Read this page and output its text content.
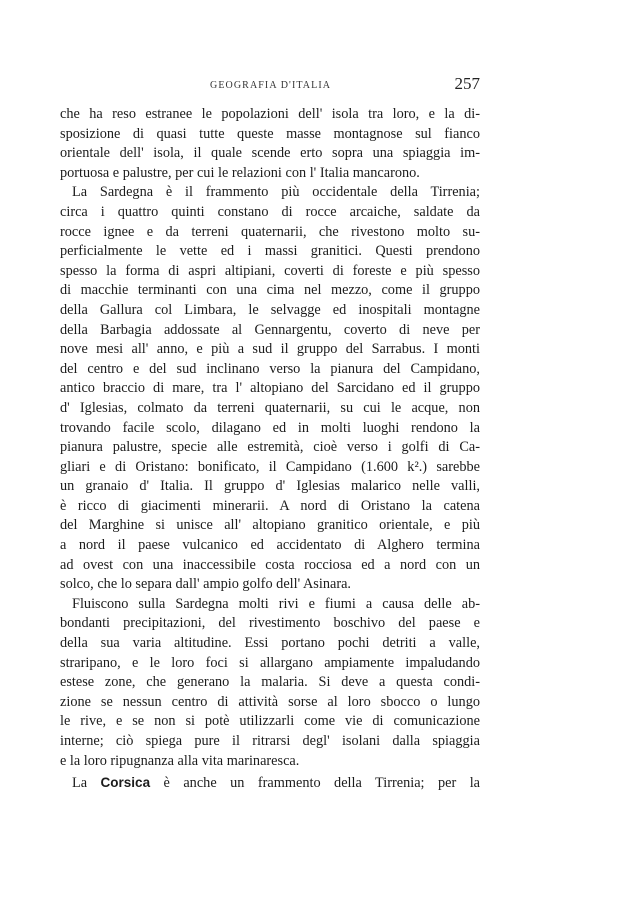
GEOGRAFIA D'ITALIA	257
che ha reso estranee le popolazioni dell' isola tra loro, e la di-
sposizione di quasi tutte queste masse montagnose sul fianco
orientale dell' isola, il quale scende erto sopra una spiaggia im-
portuosa e palustre, per cui le relazioni con l' Italia mancarono.
La Sardegna è il frammento più occidentale della Tirrenia;
circa i quattro quinti constano di rocce arcaiche, saldate da
rocce ignee e da terreni quaternarii, che rivestono molto su-
perficialmente le vette ed i massi granitici. Questi prendono
spesso la forma di aspri altipiani, coverti di foreste e più spesso
di macchie terminanti con una cima nel mezzo, come il gruppo
della Gallura col Limbara, le selvagge ed inospitali montagne
della Barbagia addossate al Gennargentu, coverto di neve per
nove mesi all' anno, e più a sud il gruppo del Sarrabus. I monti
del centro e del sud inclinano verso la pianura del Campidano,
antico braccio di mare, tra l' altopiano del Sarcidano ed il gruppo
d' Iglesias, colmato da terreni quaternarii, su cui le acque, non
trovando facile scolo, dilagano ed in molti luoghi rendono la
pianura palustre, specie alle estremità, cioè verso i golfi di Ca-
gliari e di Oristano: bonificato, il Campidano (1.600 k².) sarebbe
un granaio d' Italia. Il gruppo d' Iglesias malarico nelle valli,
è ricco di giacimenti minerarii. A nord di Oristano la catena
del Marghine si unisce all' altopiano granitico orientale, e più
a nord il paese vulcanico ed accidentato di Alghero termina
ad ovest con una inaccessibile costa rocciosa ed a nord con un
solco, che lo separa dall' ampio golfo dell' Asinara.
Fluiscono sulla Sardegna molti rivi e fiumi a causa delle ab-
bondanti precipitazioni, del rivestimento boschivo del paese e
della sua varia altitudine. Essi portano pochi detriti a valle,
straripano, e le loro foci si allargano ampiamente impaludando
estese zone, che generano la malaria. Si deve a questa condi-
zione se nessun centro di attività sorse al loro sbocco o lungo
le rive, e se non si potè utilizzarli come vie di comunicazione
interne; ciò spiega pure il ritrarsi degl' isolani dalla spiaggia
e la loro ripugnanza alla vita marinaresca.
La Corsica è anche un frammento della Tirrenia; per la
